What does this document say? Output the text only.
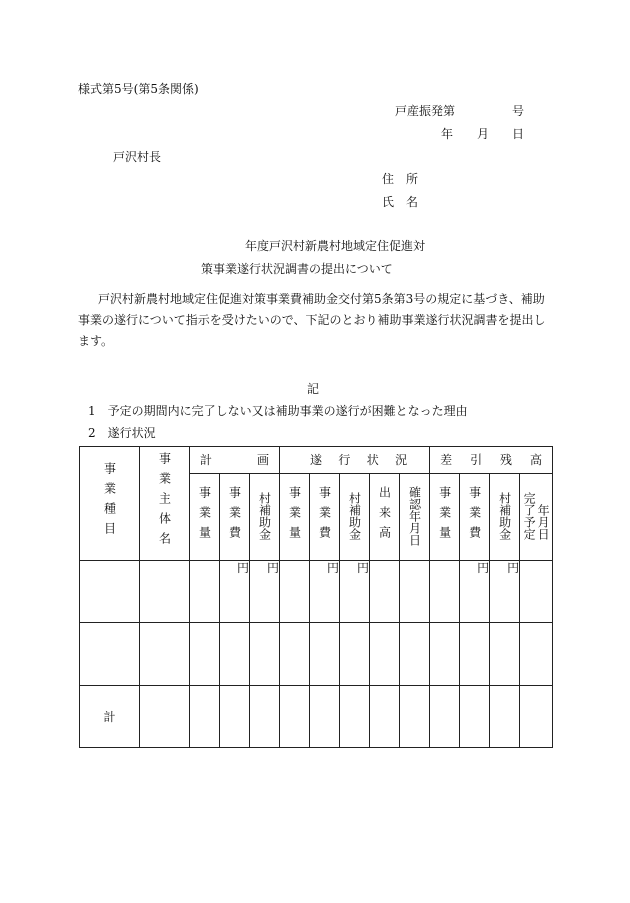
様式第5号(第5条関係)
戸産振発第	号
年 月 日
戸沢村長
住　所
氏　名
年度戸沢村新農村地域定住促進対
策事業遂行状況調書の提出について
戸沢村新農村地域定住促進対策事業費補助金交付第5条第3号の規定に基づき、補助事業の遂行について指示を受けたいので、下記のとおり補助事業遂行状況調書を提出します。
記
1　予定の期間内に完了しない又は補助事業の遂行が困難となった理由
2　遂行状況
事業種目	事業主体名	計 画			遂 行 状 況					差 引 残 高			

		事業量	事業費	村補助金	事業量	事業費	村補助金	出来高	確認年月日	事業量	事業費	村補助金	完了予定年月日
			円	円		円	円				円	円	

計													
